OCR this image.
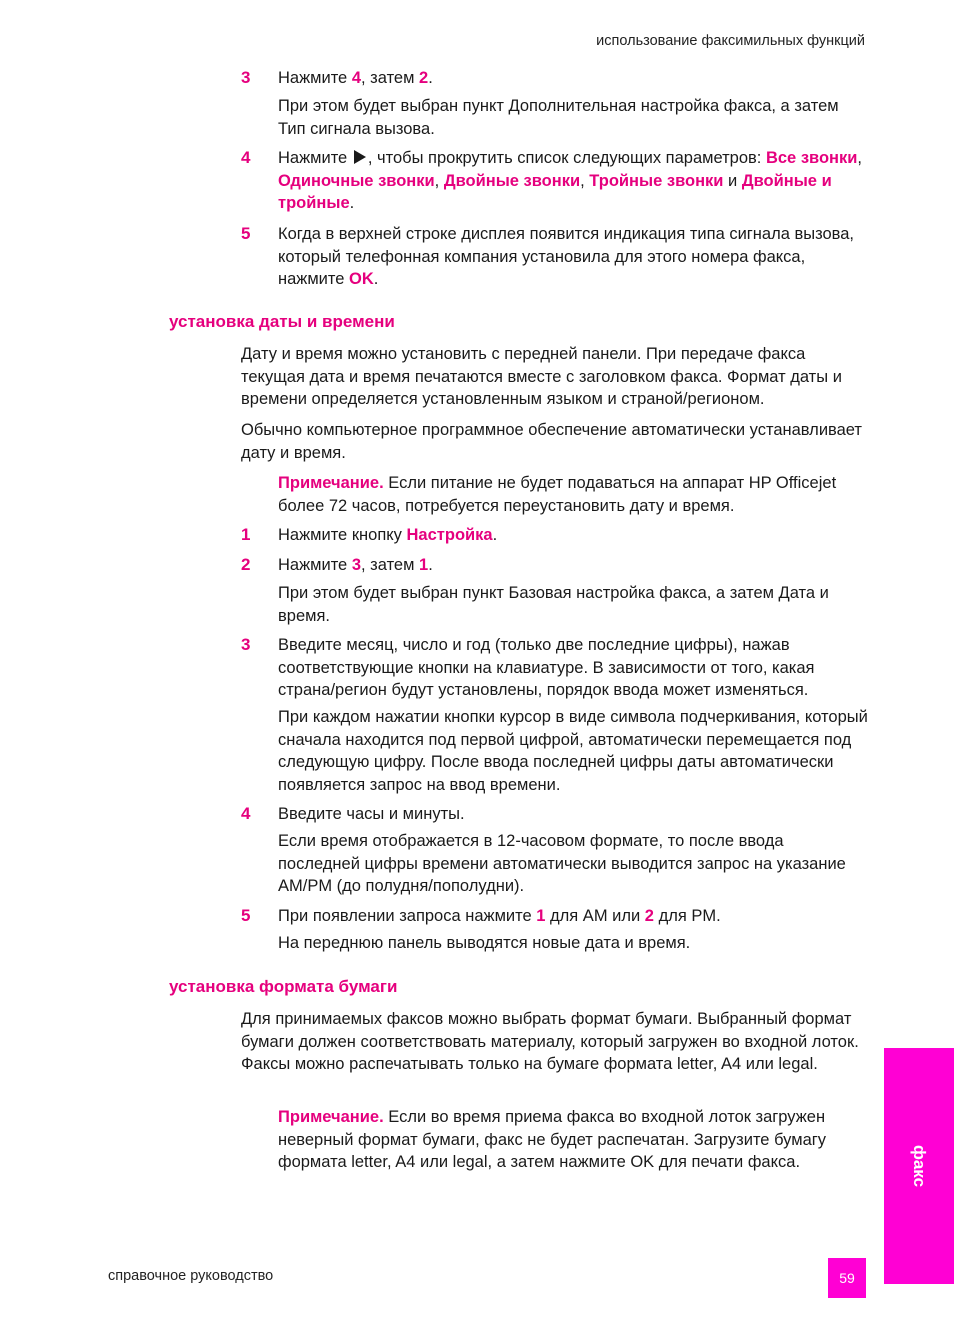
использование факсимильных функций
3 Нажмите 4, затем 2.
При этом будет выбран пункт Дополнительная настройка факса, а затем Тип сигнала вызова.
4 Нажмите , чтобы прокрутить список следующих параметров: Все звонки, Одиночные звонки, Двойные звонки, Тройные звонки и Двойные и тройные.
5 Когда в верхней строке дисплея появится индикация типа сигнала вызова, который телефонная компания установила для этого номера факса, нажмите OK.
установка даты и времени
Дату и время можно установить с передней панели. При передаче факса текущая дата и время печатаются вместе с заголовком факса. Формат даты и времени определяется установленным языком и страной/регионом.
Обычно компьютерное программное обеспечение автоматически устанавливает дату и время.
Примечание. Если питание не будет подаваться на аппарат HP Officejet более 72 часов, потребуется переустановить дату и время.
1 Нажмите кнопку Настройка.
2 Нажмите 3, затем 1.
При этом будет выбран пункт Базовая настройка факса, а затем Дата и время.
3 Введите месяц, число и год (только две последние цифры), нажав соответствующие кнопки на клавиатуре. В зависимости от того, какая страна/регион будут установлены, порядок ввода может изменяться.
При каждом нажатии кнопки курсор в виде символа подчеркивания, который сначала находится под первой цифрой, автоматически перемещается под следующую цифру. После ввода последней цифры даты автоматически появляется запрос на ввод времени.
4 Введите часы и минуты.
Если время отображается в 12-часовом формате, то после ввода последней цифры времени автоматически выводится запрос на указание AM/PM (до полудня/пополудни).
5 При появлении запроса нажмите 1 для AM или 2 для PM.
На переднюю панель выводятся новые дата и время.
установка формата бумаги
Для принимаемых факсов можно выбрать формат бумаги. Выбранный формат бумаги должен соответствовать материалу, который загружен во входной лоток. Факсы можно распечатывать только на бумаге формата letter, A4 или legal.
Примечание. Если во время приема факса во входной лоток загружен неверный формат бумаги, факс не будет распечатан. Загрузите бумагу формата letter, A4 или legal, а затем нажмите OK для печати факса.	факс
справочное руководство	59
